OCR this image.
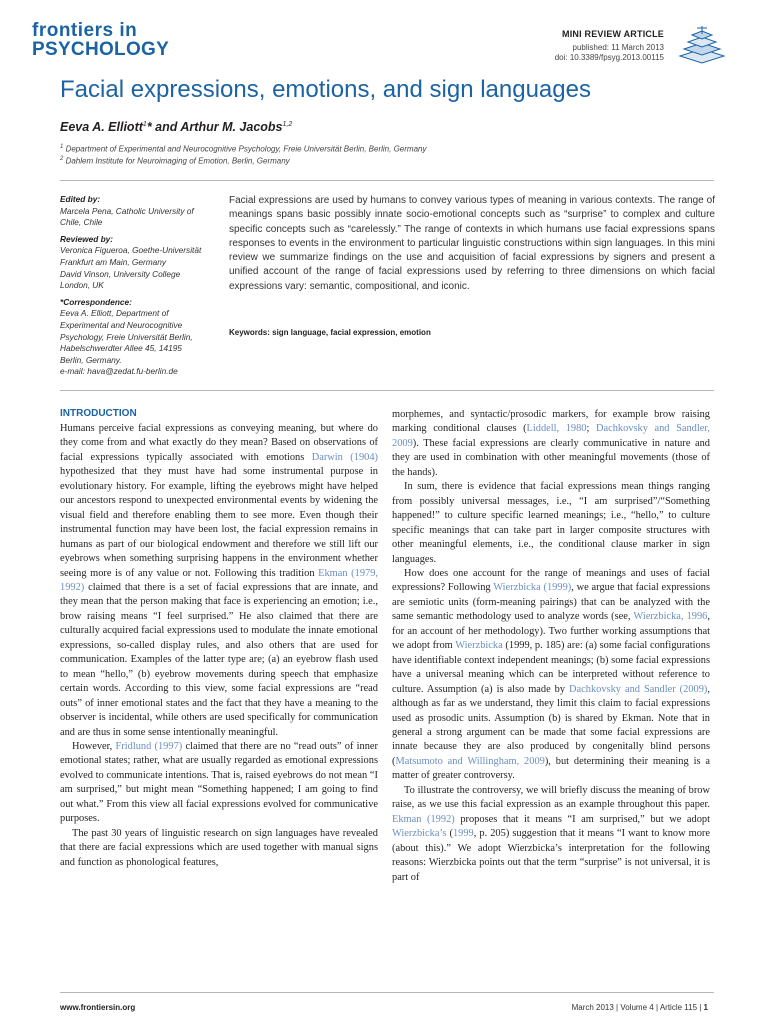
frontiers in
PSYCHOLOGY
MINI REVIEW ARTICLE
published: 11 March 2013
doi: 10.3389/fpsyg.2013.00115
Facial expressions, emotions, and sign languages
Eeva A. Elliott$^1$* and Arthur M. Jacobs$^{1,2}$
$^1$ Department of Experimental and Neurocognitive Psychology, Freie Universität Berlin, Berlin, Germany
$^2$ Dahlem Institute for Neuroimaging of Emotion, Berlin, Germany
Edited by:
Marcela Pena, Catholic University of
Chile, Chile
Reviewed by:
Veronica Figueroa, Goethe-Universität
Frankfurt am Main, Germany
David Vinson, University College
London, UK
*Correspondence:
Eeva A. Elliott, Department of
Experimental and Neurocognitive
Psychology, Freie Universität Berlin,
Habelschwerdter Allee 45, 14195
Berlin, Germany.
e-mail: hava@zedat.fu-berlin.de
Facial expressions are used by humans to convey various types of meaning in various contexts. The range of meanings spans basic possibly innate socio-emotional concepts such as “surprise” to complex and culture specific concepts such as “carelessly.” The range of contexts in which humans use facial expressions spans responses to events in the environment to particular linguistic constructions within sign languages. In this mini review we summarize findings on the use and acquisition of facial expressions by signers and present a unified account of the range of facial expressions used by referring to three dimensions on which facial expressions vary: semantic, compositional, and iconic.
Keywords: sign language, facial expression, emotion
INTRODUCTION

Humans perceive facial expressions as conveying meaning, but where do they come from and what exactly do they mean? Based on observations of facial expressions typically associated with emotions Darwin (1904) hypothesized that they must have had some instrumental purpose in evolutionary history. For example, lifting the eyebrows might have helped our ancestors respond to unexpected environmental events by widening the visual field and therefore enabling them to see more. Even though their instrumental function may have been lost, the facial expression remains in humans as part of our biological endowment and therefore we still lift our eyebrows when something surprising happens in the environment whether seeing more is of any value or not. Following this tradition Ekman (1979, 1992) claimed that there is a set of facial expressions that are innate, and they mean that the person making that face is experiencing an emotion; i.e., brow raising means “I feel surprised.” He also claimed that there are culturally acquired facial expressions used to modulate the innate emotional expressions, so-called display rules, and also others that are used for communication. Examples of the latter type are; (a) an eyebrow flash used to mean “hello,” (b) eyebrow movements during speech that emphasize certain words. According to this view, some facial expressions are “read outs” of inner emotional states and the fact that they have a meaning to the observer is incidental, while others are used specifically for communication and are thus in some sense intentionally meaningful.

However, Fridlund (1997) claimed that there are no “read outs” of inner emotional states; rather, what are usually regarded as emotional expressions evolved to communicate intentions. That is, raised eyebrows do not mean “I am surprised,” but might mean “Something happened; I am going to find out what.” From this view all facial expressions evolved for communicative purposes.

The past 30 years of linguistic research on sign languages have revealed that there are facial expressions which are used together with manual signs and function as phonological features,

morphemes, and syntactic/prosodic markers, for example brow raising marking conditional clauses (Liddell, 1980; Dachkovsky and Sandler, 2009). These facial expressions are clearly communicative in nature and they are used in combination with other meaningful movements (those of the hands).

In sum, there is evidence that facial expressions mean things ranging from possibly universal messages, i.e., “I am surprised”/“Something happened!” to culture specific learned meanings; i.e., “hello,” to culture specific meanings that can take part in larger composite structures with other meaningful elements, i.e., the conditional clause marker in sign languages.

How does one account for the range of meanings and uses of facial expressions? Following Wierzbicka (1999), we argue that facial expressions are semiotic units (form-meaning pairings) that can be analyzed with the same semantic methodology used to analyze words (see, Wierzbicka, 1996, for an account of her methodology). Two further working assumptions that we adopt from Wierzbicka (1999, p. 185) are: (a) some facial configurations have identifiable context independent meanings; (b) some facial expressions have a universal meaning which can be interpreted without reference to culture. Assumption (a) is also made by Dachkovsky and Sandler (2009), although as far as we understand, they limit this claim to facial expressions used as prosodic units. Assumption (b) is shared by Ekman. Note that in general a strong argument can be made that some facial expressions are innate because they are also produced by congenitally blind persons (Matsumoto and Willingham, 2009), but determining their meaning is a matter of greater controversy.

To illustrate the controversy, we will briefly discuss the meaning of brow raise, as we use this facial expression as an example throughout this paper. Ekman (1992) proposes that it means “I am surprised,” but we adopt Wierzbicka’s (1999, p. 205) suggestion that it means “I want to know more (about this).” We adopt Wierzbicka’s interpretation for the following reasons: Wierzbicka points out that the term “surprise” is not universal, it is part of

www.frontiersin.org	March 2013 | Volume 4 | Article 115 | 1
